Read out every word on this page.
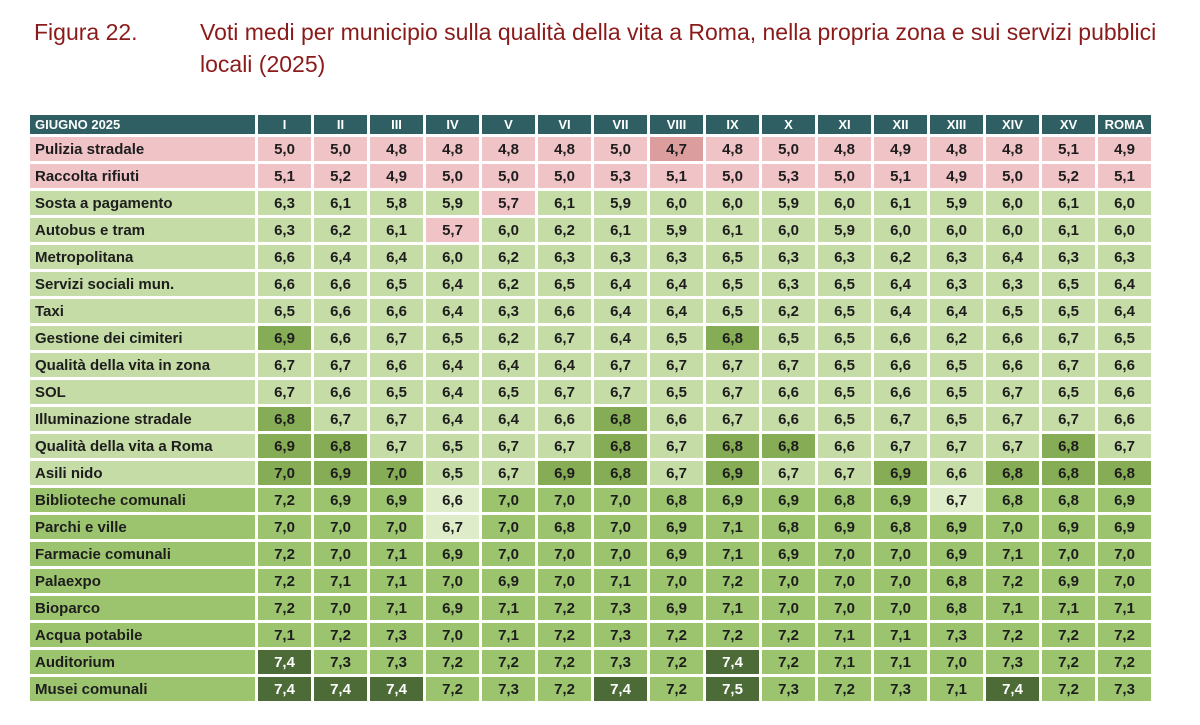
Figura 22.	Voti medi per municipio sulla qualità della vita a Roma, nella propria zona e sui servizi pubblici locali (2025)
GIUGNO 2025	I	II	III	IV	V	VI	VII	VIII	IX	X	XI	XII	XIII	XIV	XV	ROMA
Pulizia stradale	5,0	5,0	4,8	4,8	4,8	4,8	5,0	4,7	4,8	5,0	4,8	4,9	4,8	4,8	5,1	4,9
Raccolta rifiuti	5,1	5,2	4,9	5,0	5,0	5,0	5,3	5,1	5,0	5,3	5,0	5,1	4,9	5,0	5,2	5,1
Sosta a pagamento	6,3	6,1	5,8	5,9	5,7	6,1	5,9	6,0	6,0	5,9	6,0	6,1	5,9	6,0	6,1	6,0
Autobus e tram	6,3	6,2	6,1	5,7	6,0	6,2	6,1	5,9	6,1	6,0	5,9	6,0	6,0	6,0	6,1	6,0
Metropolitana	6,6	6,4	6,4	6,0	6,2	6,3	6,3	6,3	6,5	6,3	6,3	6,2	6,3	6,4	6,3	6,3
Servizi sociali mun.	6,6	6,6	6,5	6,4	6,2	6,5	6,4	6,4	6,5	6,3	6,5	6,4	6,3	6,3	6,5	6,4
Taxi	6,5	6,6	6,6	6,4	6,3	6,6	6,4	6,4	6,5	6,2	6,5	6,4	6,4	6,5	6,5	6,4
Gestione dei cimiteri	6,9	6,6	6,7	6,5	6,2	6,7	6,4	6,5	6,8	6,5	6,5	6,6	6,2	6,6	6,7	6,5
Qualità della vita in zona	6,7	6,7	6,6	6,4	6,4	6,4	6,7	6,7	6,7	6,7	6,5	6,6	6,5	6,6	6,7	6,6
SOL	6,7	6,6	6,5	6,4	6,5	6,7	6,7	6,5	6,7	6,6	6,5	6,6	6,5	6,7	6,5	6,6
Illuminazione stradale	6,8	6,7	6,7	6,4	6,4	6,6	6,8	6,6	6,7	6,6	6,5	6,7	6,5	6,7	6,7	6,6
Qualità della vita a Roma	6,9	6,8	6,7	6,5	6,7	6,7	6,8	6,7	6,8	6,8	6,6	6,7	6,7	6,7	6,8	6,7
Asili nido	7,0	6,9	7,0	6,5	6,7	6,9	6,8	6,7	6,9	6,7	6,7	6,9	6,6	6,8	6,8	6,8
Biblioteche comunali	7,2	6,9	6,9	6,6	7,0	7,0	7,0	6,8	6,9	6,9	6,8	6,9	6,7	6,8	6,8	6,9
Parchi e ville	7,0	7,0	7,0	6,7	7,0	6,8	7,0	6,9	7,1	6,8	6,9	6,8	6,9	7,0	6,9	6,9
Farmacie comunali	7,2	7,0	7,1	6,9	7,0	7,0	7,0	6,9	7,1	6,9	7,0	7,0	6,9	7,1	7,0	7,0
Palaexpo	7,2	7,1	7,1	7,0	6,9	7,0	7,1	7,0	7,2	7,0	7,0	7,0	6,8	7,2	6,9	7,0
Bioparco	7,2	7,0	7,1	6,9	7,1	7,2	7,3	6,9	7,1	7,0	7,0	7,0	6,8	7,1	7,1	7,1
Acqua potabile	7,1	7,2	7,3	7,0	7,1	7,2	7,3	7,2	7,2	7,2	7,1	7,1	7,3	7,2	7,2	7,2
Auditorium	7,4	7,3	7,3	7,2	7,2	7,2	7,3	7,2	7,4	7,2	7,1	7,1	7,0	7,3	7,2	7,2
Musei comunali	7,4	7,4	7,4	7,2	7,3	7,2	7,4	7,2	7,5	7,3	7,2	7,3	7,1	7,4	7,2	7,3
